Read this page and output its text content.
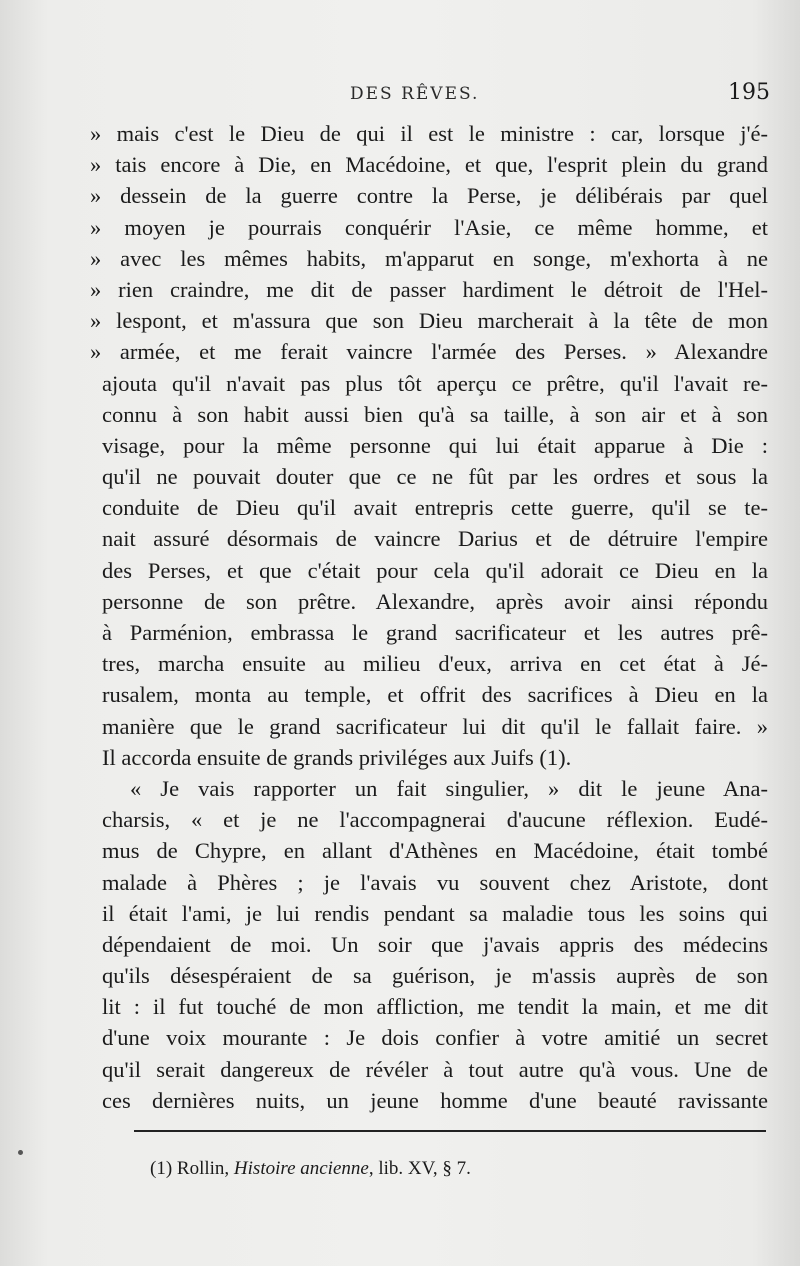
DES RÊVES.	195
» mais c'est le Dieu de qui il est le ministre : car, lorsque j'é-
» tais encore à Die, en Macédoine, et que, l'esprit plein du grand
» dessein de la guerre contre la Perse, je délibérais par quel
» moyen je pourrais conquérir l'Asie, ce même homme, et
» avec les mêmes habits, m'apparut en songe, m'exhorta à ne
» rien craindre, me dit de passer hardiment le détroit de l'Hel-
» lespont, et m'assura que son Dieu marcherait à la tête de mon
» armée, et me ferait vaincre l'armée des Perses. » Alexandre
ajouta qu'il n'avait pas plus tôt aperçu ce prêtre, qu'il l'avait re-
connu à son habit aussi bien qu'à sa taille, à son air et à son
visage, pour la même personne qui lui était apparue à Die :
qu'il ne pouvait douter que ce ne fût par les ordres et sous la
conduite de Dieu qu'il avait entrepris cette guerre, qu'il se te-
nait assuré désormais de vaincre Darius et de détruire l'empire
des Perses, et que c'était pour cela qu'il adorait ce Dieu en la
personne de son prêtre. Alexandre, après avoir ainsi répondu
à Parménion, embrassa le grand sacrificateur et les autres prê-
tres, marcha ensuite au milieu d'eux, arriva en cet état à Jé-
rusalem, monta au temple, et offrit des sacrifices à Dieu en la
manière que le grand sacrificateur lui dit qu'il le fallait faire. »
Il accorda ensuite de grands priviléges aux Juifs (1).
« Je vais rapporter un fait singulier, » dit le jeune Ana-
charsis, « et je ne l'accompagnerai d'aucune réflexion. Eudé-
mus de Chypre, en allant d'Athènes en Macédoine, était tombé
malade à Phères ; je l'avais vu souvent chez Aristote, dont
il était l'ami, je lui rendis pendant sa maladie tous les soins qui
dépendaient de moi. Un soir que j'avais appris des médecins
qu'ils désespéraient de sa guérison, je m'assis auprès de son
lit : il fut touché de mon affliction, me tendit la main, et me dit
d'une voix mourante : Je dois confier à votre amitié un secret
qu'il serait dangereux de révéler à tout autre qu'à vous. Une de
ces dernières nuits, un jeune homme d'une beauté ravissante
(1) Rollin, Histoire ancienne, lib. XV, § 7.
